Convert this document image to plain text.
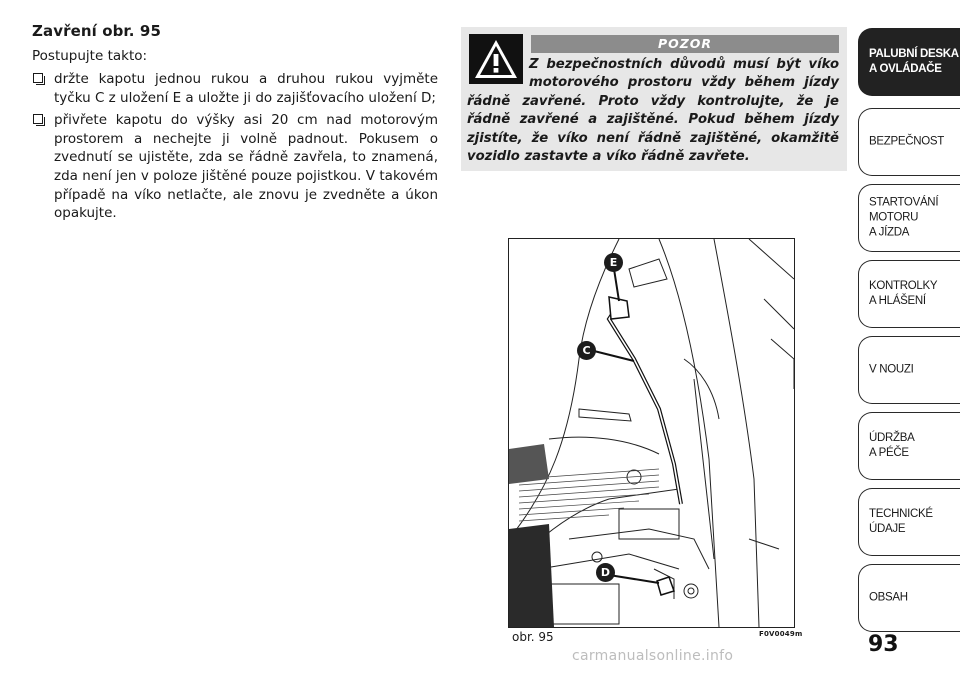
Zavření obr. 95

Postupujte takto:

držte kapotu jednou rukou a druhou rukou vyjměte tyčku C z uložení E a uložte ji do zajišťovacího uložení D;
přivřete kapotu do výšky asi 20 cm nad motorovým prostorem a nechejte ji volně padnout. Pokusem o zvednutí se ujistěte, zda se řádně zavřela, to znamená, zda není jen v poloze jištěné pouze pojistkou. V takovém případě na víko netlačte, ale znovu je zvedněte a úkon opakujte.
POZOR
Z bezpečnostních důvodů musí být víko motorového prostoru vždy během jízdy řádně zavřené. Proto vždy kontrolujte, že je řádně zavřené a zajištěné. Pokud během jízdy zjistíte, že víko není řádně zajištěné, okamžitě vozidlo zastavte a víko řádně zavřete.
E
C
D
obr. 95	F0V0049m
PALUBNÍ DESKA
A OVLÁDAČE
BEZPEČNOST
STARTOVÁNÍ
MOTORU
A JÍZDA
KONTROLKY
A HLÁŠENÍ
V NOUZI
ÚDRŽBA
A PÉČE
TECHNICKÉ
ÚDAJE
OBSAH
93
carmanualsonline.info
